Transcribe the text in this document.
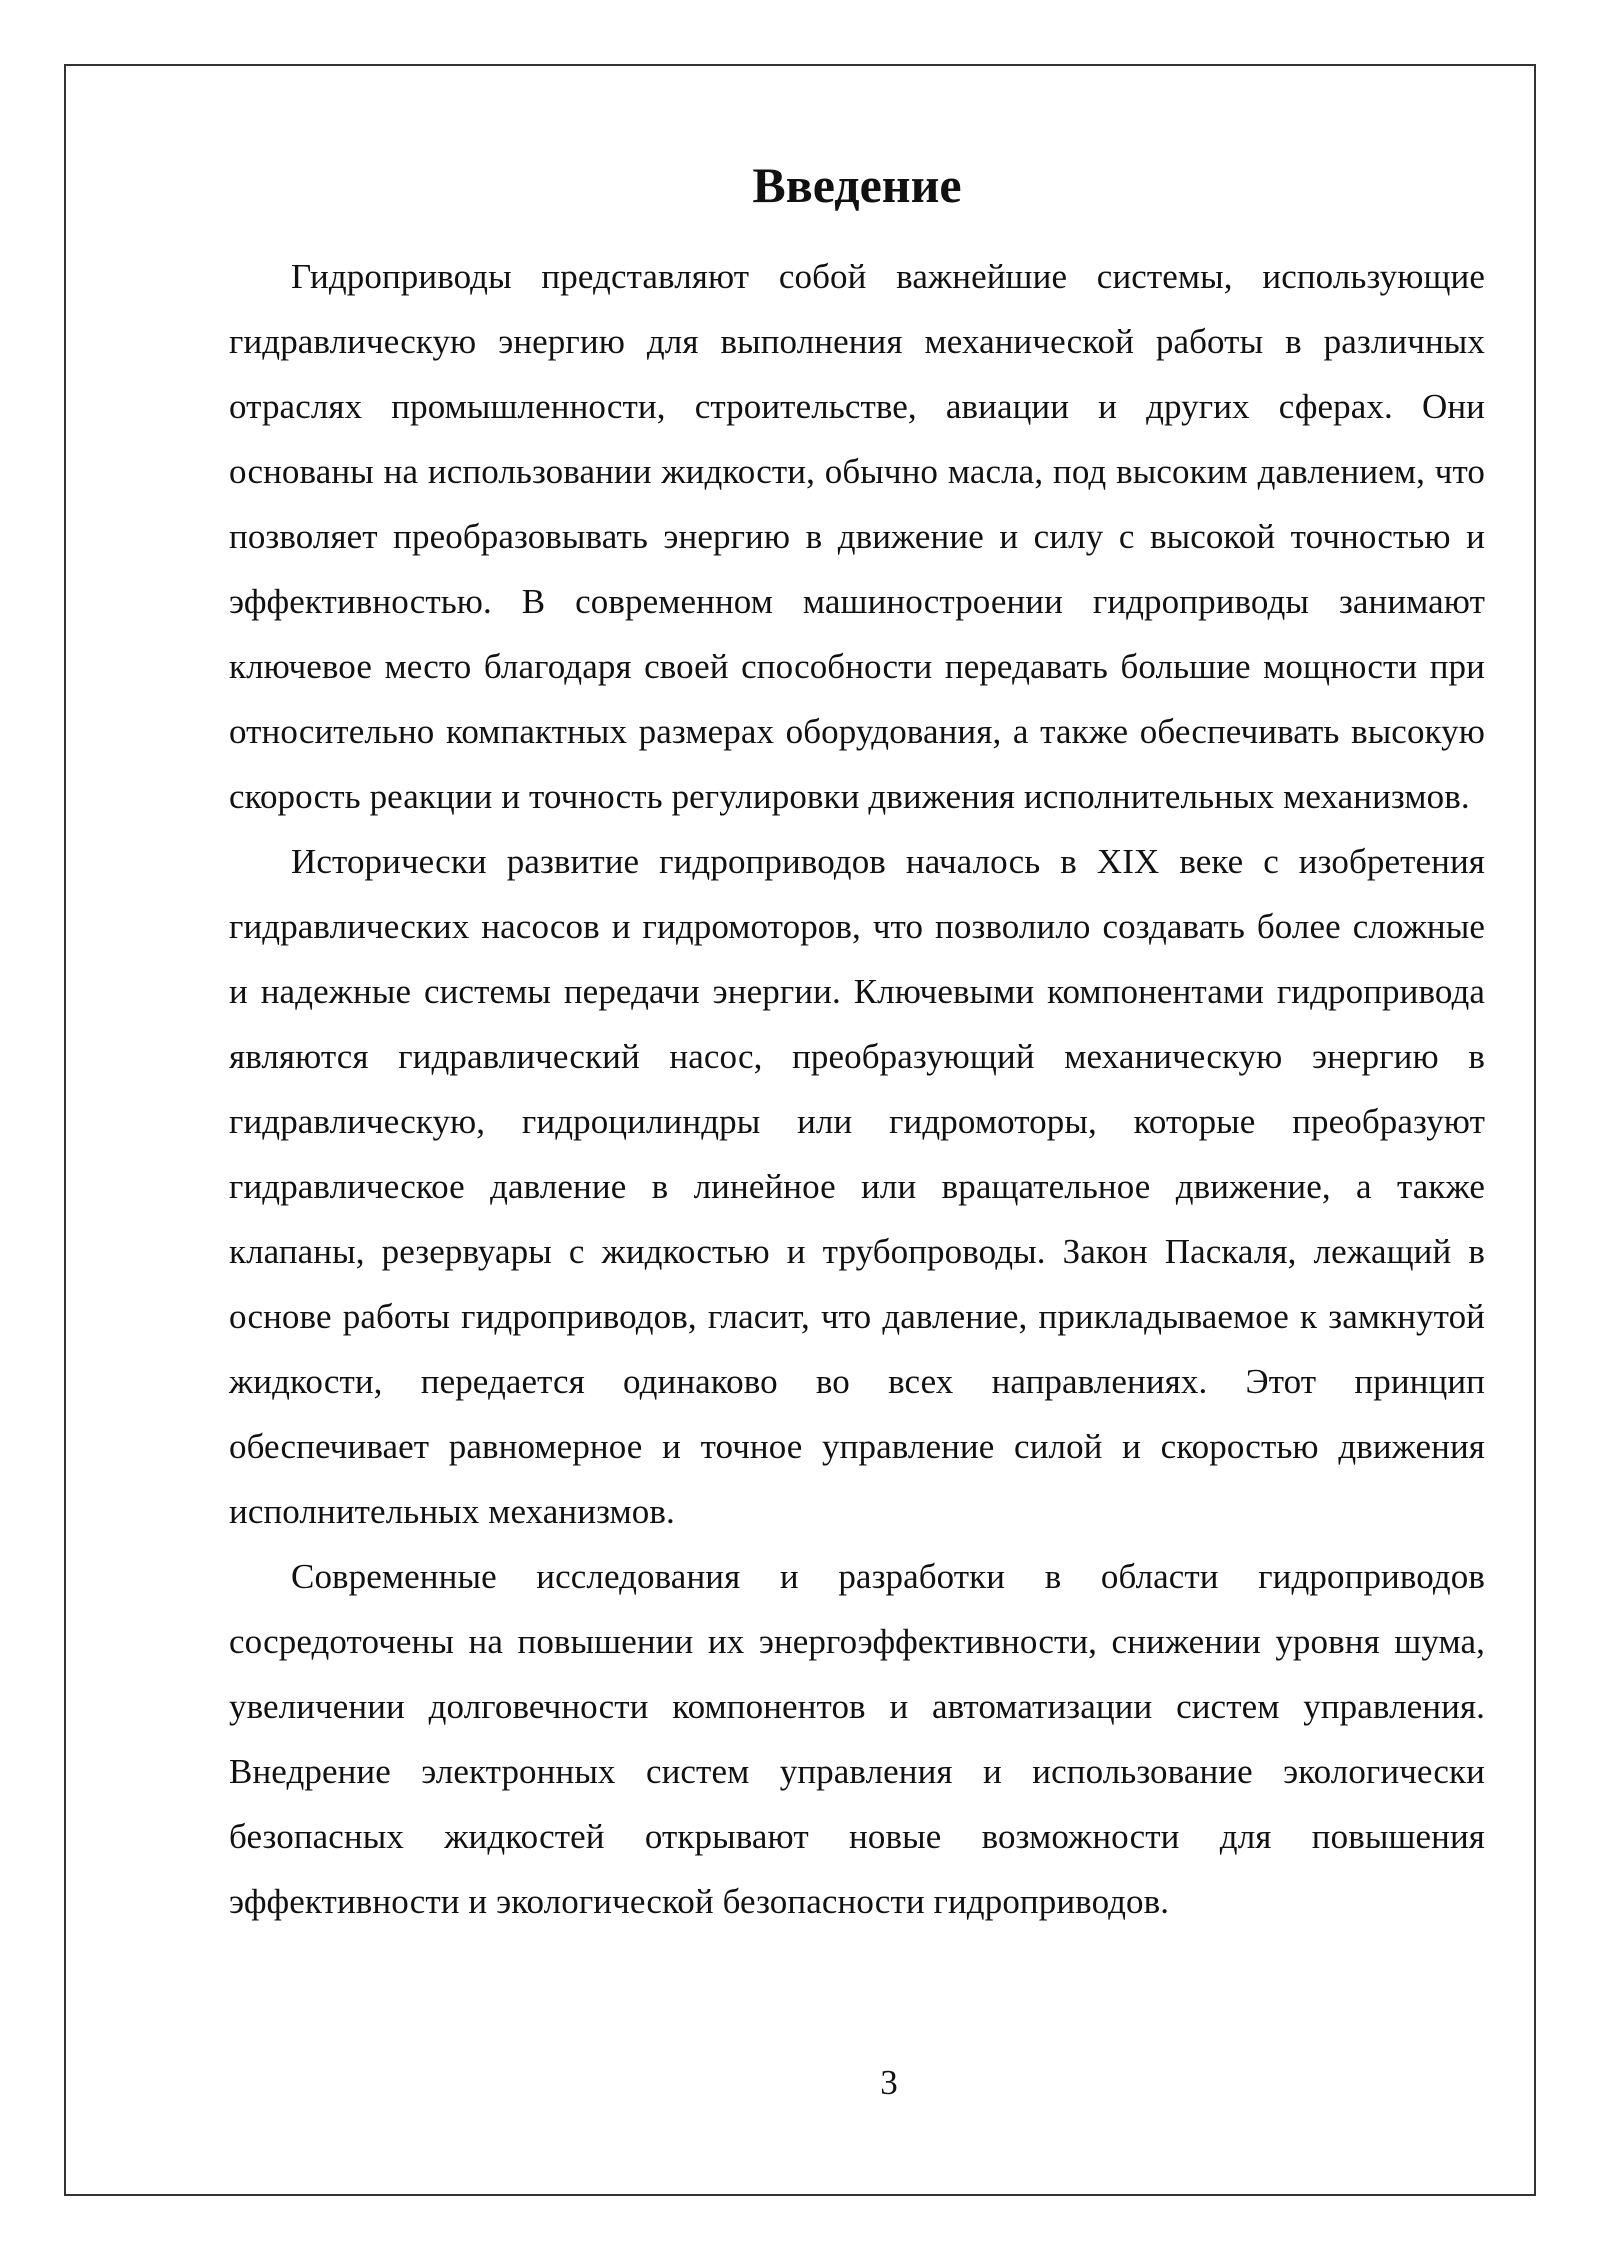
Введение

Гидроприводы представляют собой важнейшие системы, использующие гидравлическую энергию для выполнения механической работы в различных отраслях промышленности, строительстве, авиации и других сферах. Они основаны на использовании жидкости, обычно масла, под высоким давлением, что позволяет преобразовывать энергию в движение и силу с высокой точностью и эффективностью. В современном машиностроении гидроприводы занимают ключевое место благодаря своей способности передавать большие мощности при относительно компактных размерах оборудования, а также обеспечивать высокую скорость реакции и точность регулировки движения исполнительных механизмов.

Исторически развитие гидроприводов началось в XIX веке с изобретения гидравлических насосов и гидромоторов, что позволило создавать более сложные и надежные системы передачи энергии. Ключевыми компонентами гидропривода являются гидравлический насос, преобразующий механическую энергию в гидравлическую, гидроцилиндры или гидромоторы, которые преобразуют гидравлическое давление в линейное или вращательное движение, а также клапаны, резервуары с жидкостью и трубопроводы. Закон Паскаля, лежащий в основе работы гидроприводов, гласит, что давление, прикладываемое к замкнутой жидкости, передается одинаково во всех направлениях. Этот принцип обеспечивает равномерное и точное управление силой и скоростью движения исполнительных механизмов.

Современные исследования и разработки в области гидроприводов сосредоточены на повышении их энергоэффективности, снижении уровня шума, увеличении долговечности компонентов и автоматизации систем управления. Внедрение электронных систем управления и использование экологически безопасных жидкостей открывают новые возможности для повышения эффективности и экологической безопасности гидроприводов.

3
